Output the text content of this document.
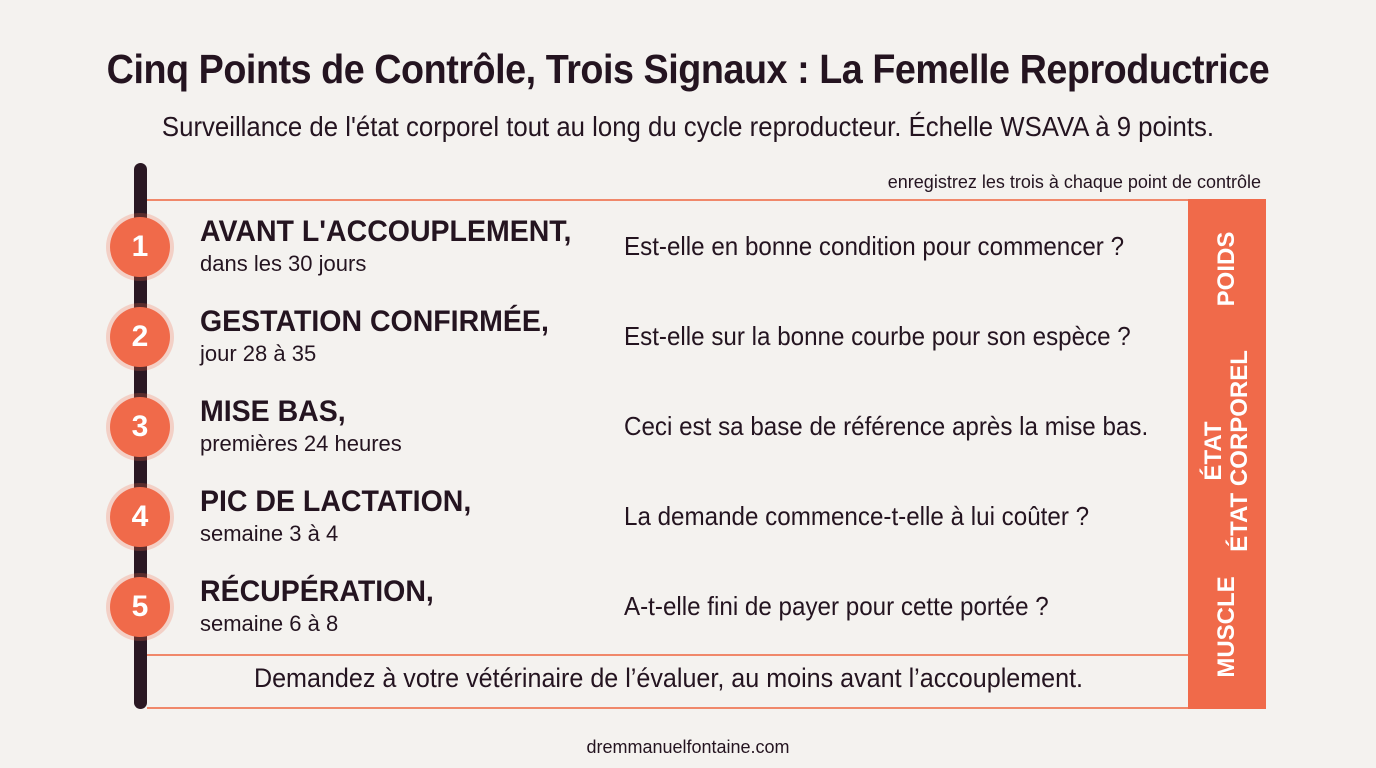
Cinq Points de Contrôle, Trois Signaux : La Femelle Reproductrice
Surveillance de l'état corporel tout au long du cycle reproducteur. Échelle WSAVA à 9 points.
enregistrez les trois à chaque point de contrôle
1	AVANT L'ACCOUPLEMENT,
dans les 30 jours
Est-elle en bonne condition pour commencer ?
2	GESTATION CONFIRMÉE,
jour 28 à 35
Est-elle sur la bonne courbe pour son espèce ?
3	MISE BAS,
premières 24 heures
Ceci est sa base de référence après la mise bas.
4	PIC DE LACTATION,
semaine 3 à 4
La demande commence-t-elle à lui coûter ?
5	RÉCUPÉRATION,
semaine 6 à 8
A-t-elle fini de payer pour cette portée ?
Demandez à votre vétérinaire de l’évaluer, au moins avant l’accouplement.
POIDS
ÉTAT ÉTAT CORPOREL
MUSCLE
dremmanuelfontaine.com
